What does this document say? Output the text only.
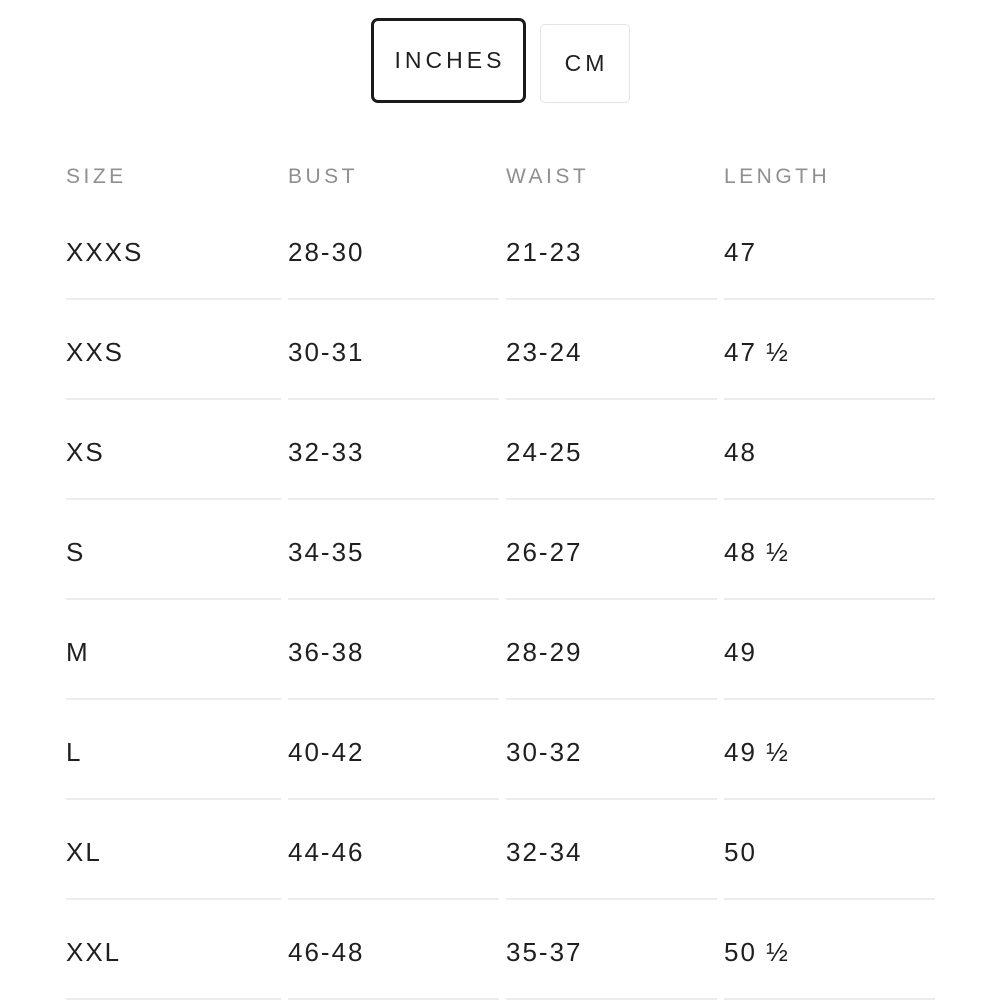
INCHES	CM
SIZE	BUST	WAIST	LENGTH
XXXS	28-30	21-23	47
XXS	30-31	23-24	47 ½
XS	32-33	24-25	48
S	34-35	26-27	48 ½
M	36-38	28-29	49
L	40-42	30-32	49 ½
XL	44-46	32-34	50
XXL	46-48	35-37	50 ½
